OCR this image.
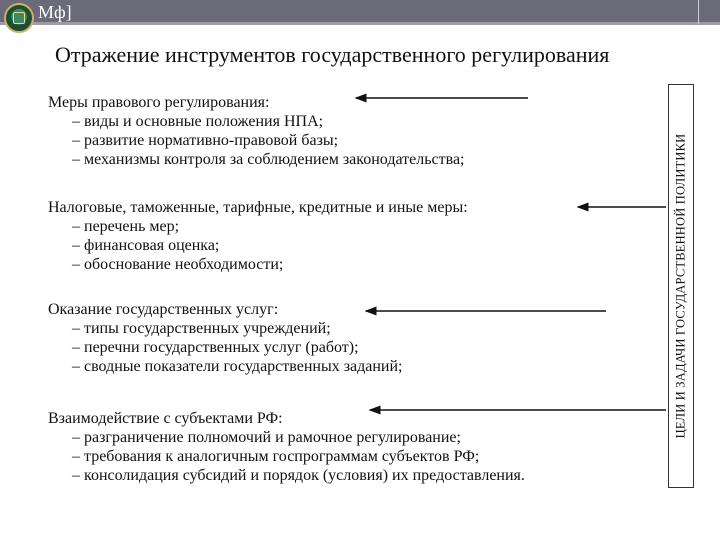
Мф]
Отражение инструментов государственного регулирования
ЦЕЛИ И ЗАДАЧИ ГОСУДАРСТВЕННОЙ ПОЛИТИКИ
Меры правового регулирования:
– виды и основные положения НПА;
– развитие нормативно-правовой базы;
– механизмы контроля за соблюдением законодательства;
Налоговые, таможенные, тарифные, кредитные и иные меры:
– перечень мер;
– финансовая оценка;
– обоснование необходимости;
Оказание государственных услуг:
– типы государственных учреждений;
– перечни государственных услуг (работ);
– сводные показатели государственных заданий;
Взаимодействие с субъектами РФ:
– разграничение полномочий и рамочное регулирование;
– требования к аналогичным госпрограммам субъектов РФ;
– консолидация субсидий и порядок (условия) их предоставления.
